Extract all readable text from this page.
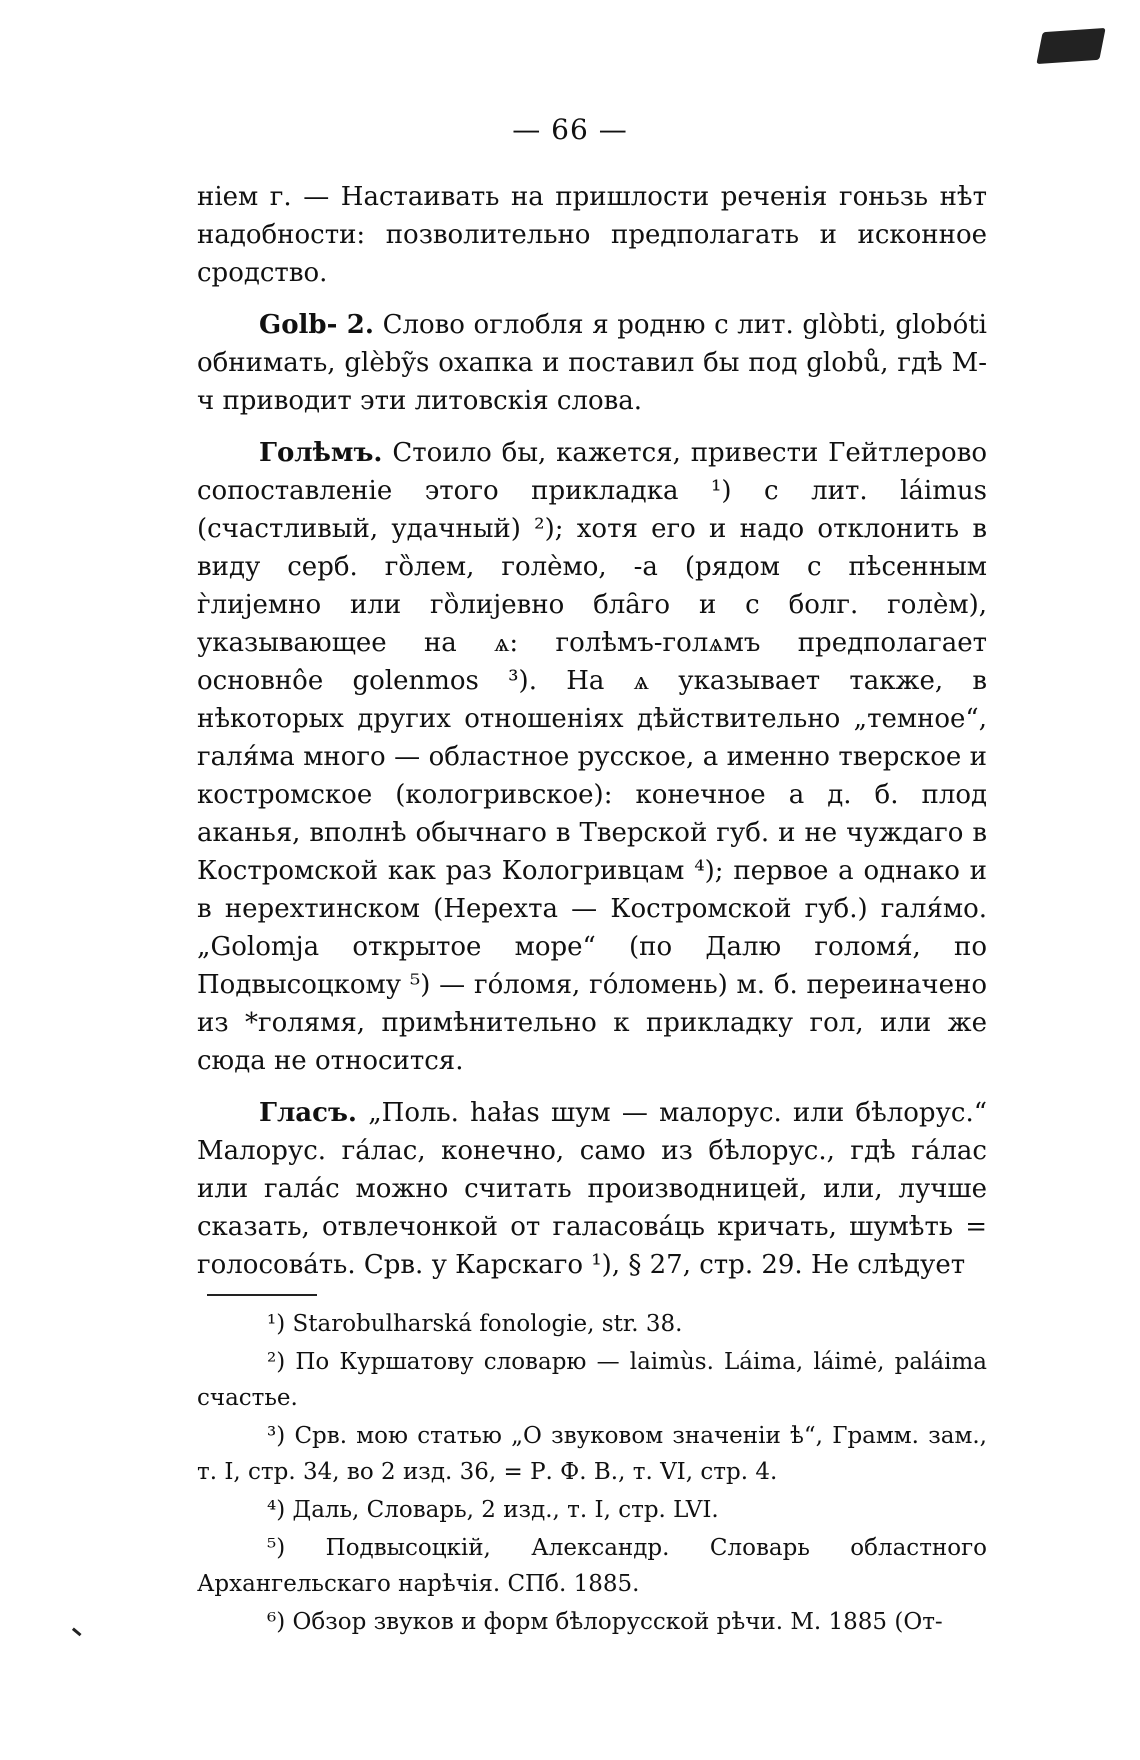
— 66 —

ніем г. — Настаивать на пришлости реченія гоньзь нѣт надобности: позволительно предполагать и исконное сродство.

Golb- 2. Слово оглобля я родню с лит. glòbti, globóti обнимать, glèbỹs охапка и поставил бы под globů, гдѣ М-ч приводит эти литовскія слова.

Голѣмъ. Стоило бы, кажется, привести Гейтлерово сопоставленіе этого прикладка ¹) с лит. láimus (счастливый, удачный) ²); хотя его и надо отклонить в виду серб. го̏лем, голѐмо, -а (рядом с пѣсенным г̀лијемно или го̏лијевно бла̑го и с болг. голѐм), указывающее на ѧ: голѣмъ-голѧмъ предполагает основно̂е golenmos ³). На ѧ указывает также, в нѣкоторых других отношеніях дѣйствительно „темное“, галя́ма много — областное русское, а именно тверское и костромское (кологривское): конечное а д. б. плод аканья, вполнѣ обычнаго в Тверской губ. и не чуждаго в Костромской как раз Кологривцам ⁴); первое а однако и в нерехтинском (Нерехта — Костромской губ.) галя́мо. „Golomja открытое море“ (по Далю голомя́, по Подвысоцкому ⁵) — го́ломя, го́ломень) м. б. переиначено из *голямя, примѣнительно к прикладку гол, или же сюда не относится.

Гласъ. „Поль. hałas шум — малорус. или бѣлорус.“ Малорус. га́лас, конечно, само из бѣлорус., гдѣ га́лас или гала́с можно считать производницей, или, лучше сказать, отвлечонкой от галасова́ць кричать, шумѣть = голосова́ть. Срв. у Карскаго ¹), § 27, стр. 29. Не слѣдует

¹) Starobulharská fonologie, str. 38.

²) По Куршатову словарю — laimùs. Láima, láimė, paláima счастье.

³) Срв. мою статью „О звуковом значеніи ѣ“, Грамм. зам., т. I, стр. 34, во 2 изд. 36, = Р. Ф. В., т. VI, стр. 4.

⁴) Даль, Словарь, 2 изд., т. I, стр. LVI.

⁵) Подвысоцкій, Александр. Словарь областного Архангельскаго нарѣчія. СПб. 1885.

⁶) Обзор звуков и форм бѣлорусской рѣчи. М. 1885 (От-
